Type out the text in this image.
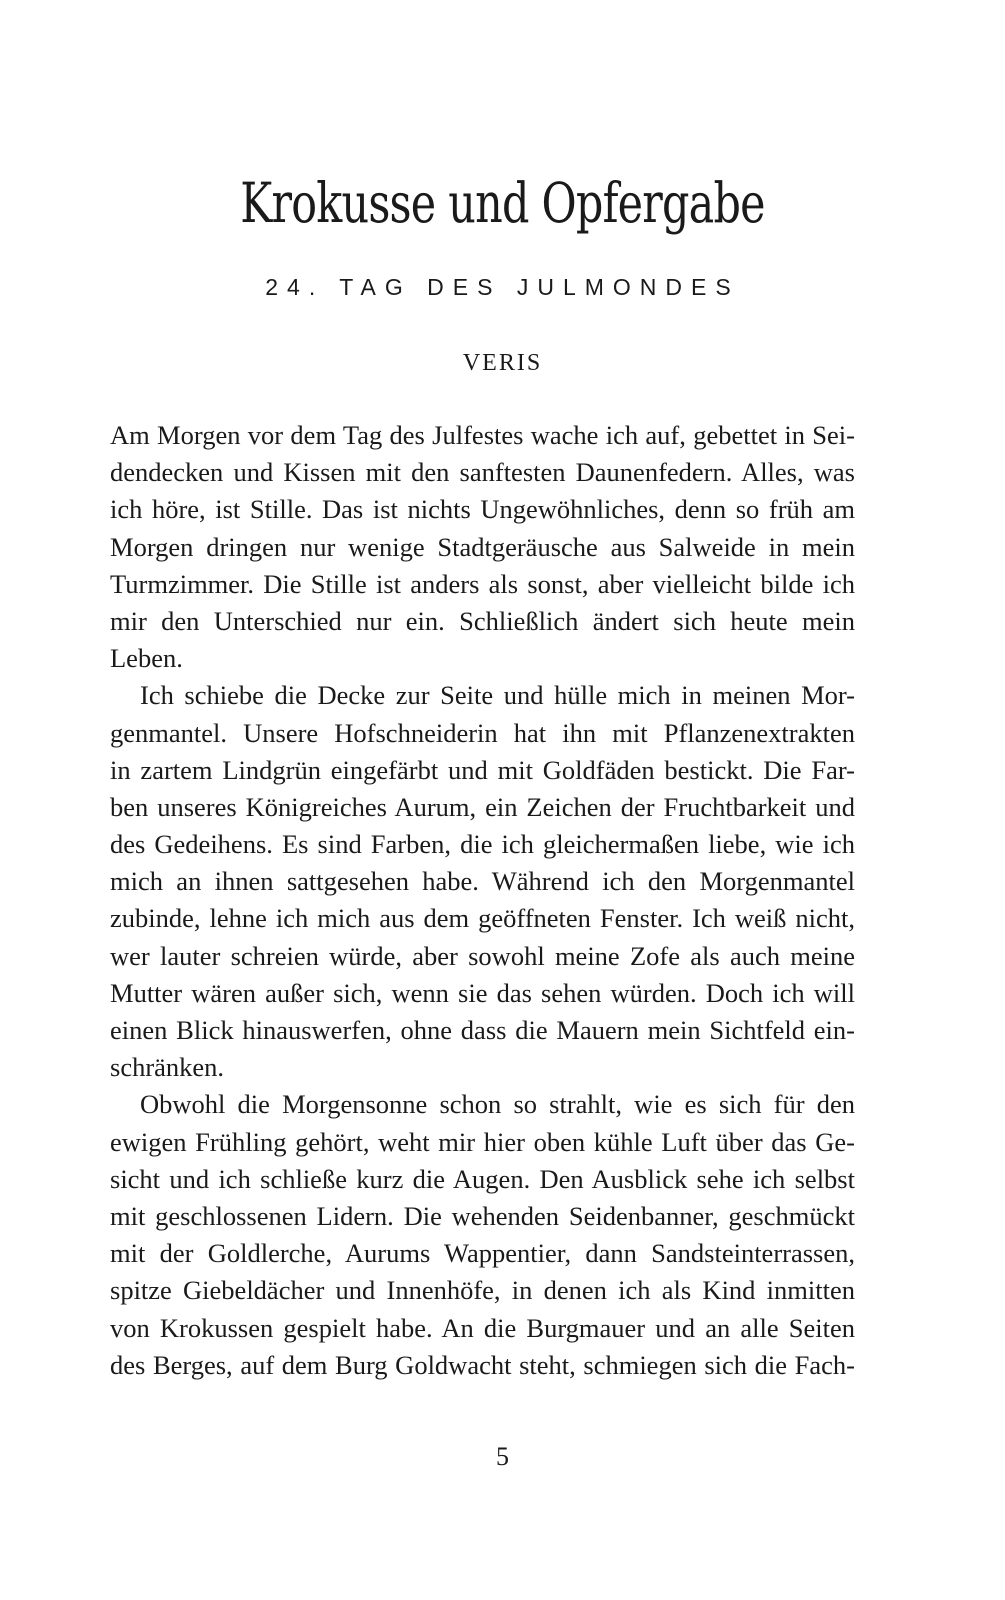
Krokusse und Opfergabe
24. TAG DES JULMONDES
VERIS
Am Morgen vor dem Tag des Julfestes wache ich auf, gebettet in Sei-
dendecken und Kissen mit den sanftesten Daunenfedern. Alles, was
ich höre, ist Stille. Das ist nichts Ungewöhnliches, denn so früh am
Morgen dringen nur wenige Stadtgeräusche aus Salweide in mein
Turmzimmer. Die Stille ist anders als sonst, aber vielleicht bilde ich
mir den Unterschied nur ein. Schließlich ändert sich heute mein
Leben.
Ich schiebe die Decke zur Seite und hülle mich in meinen Mor-
genmantel. Unsere Hofschneiderin hat ihn mit Pflanzenextrakten
in zartem Lindgrün eingefärbt und mit Goldfäden bestickt. Die Far-
ben unseres Königreiches Aurum, ein Zeichen der Fruchtbarkeit und
des Gedeihens. Es sind Farben, die ich gleichermaßen liebe, wie ich
mich an ihnen sattgesehen habe. Während ich den Morgenmantel
zubinde, lehne ich mich aus dem geöffneten Fenster. Ich weiß nicht,
wer lauter schreien würde, aber sowohl meine Zofe als auch meine
Mutter wären außer sich, wenn sie das sehen würden. Doch ich will
einen Blick hinauswerfen, ohne dass die Mauern mein Sichtfeld ein-
schränken.
Obwohl die Morgensonne schon so strahlt, wie es sich für den
ewigen Frühling gehört, weht mir hier oben kühle Luft über das Ge-
sicht und ich schließe kurz die Augen. Den Ausblick sehe ich selbst
mit geschlossenen Lidern. Die wehenden Seidenbanner, geschmückt
mit der Goldlerche, Aurums Wappentier, dann Sandsteinterrassen,
spitze Giebeldächer und Innenhöfe, in denen ich als Kind inmitten
von Krokussen gespielt habe. An die Burgmauer und an alle Seiten
des Berges, auf dem Burg Goldwacht steht, schmiegen sich die Fach-
5
